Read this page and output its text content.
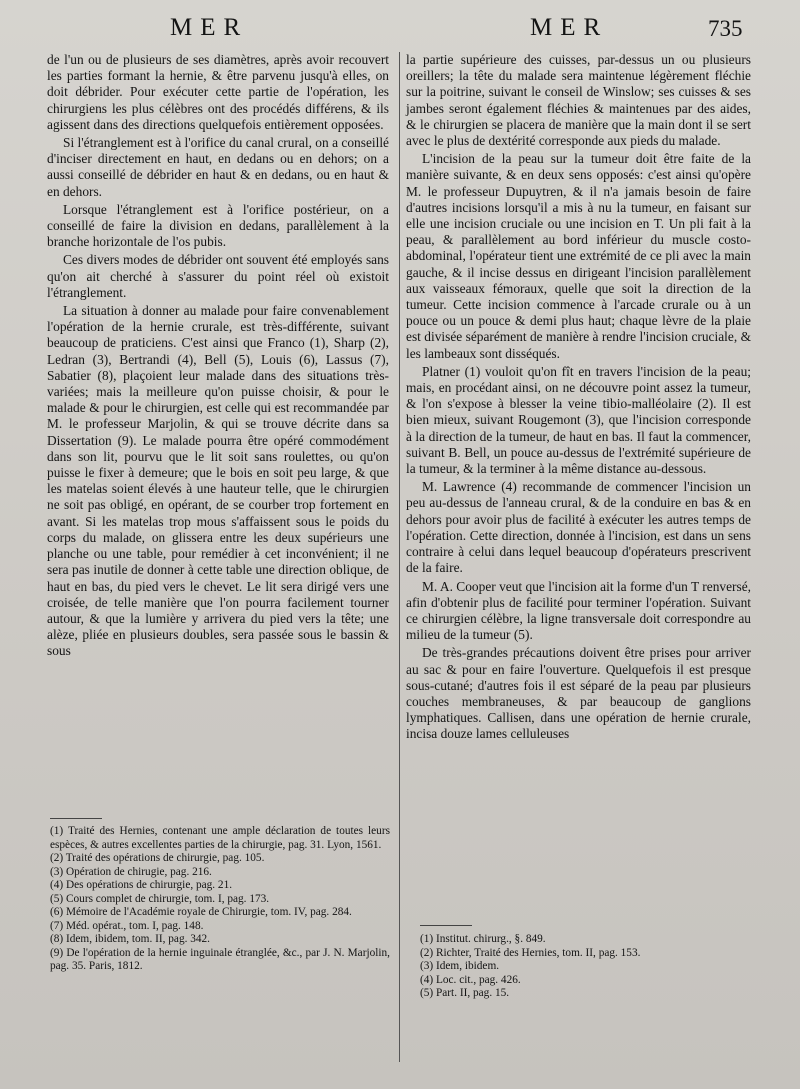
MER	MER	735

de l'un ou de plusieurs de ses diamètres, après avoir recouvert les parties formant la hernie, & être parvenu jusqu'à elles, on doit débrider. Pour exécuter cette partie de l'opération, les chirurgiens les plus célèbres ont des procédés différens, & ils agissent dans des directions quelquefois entièrement opposées.

Si l'étranglement est à l'orifice du canal crural, on a conseillé d'inciser directement en haut, en dedans ou en dehors; on a aussi conseillé de débrider en haut & en dedans, ou en haut & en dehors.

Lorsque l'étranglement est à l'orifice postérieur, on a conseillé de faire la division en dedans, parallèlement à la branche horizontale de l'os pubis.

Ces divers modes de débrider ont souvent été employés sans qu'on ait cherché à s'assurer du point réel où existoit l'étranglement.

La situation à donner au malade pour faire convenablement l'opération de la hernie crurale, est très-différente, suivant beaucoup de praticiens. C'est ainsi que Franco (1), Sharp (2), Ledran (3), Bertrandi (4), Bell (5), Louis (6), Lassus (7), Sabatier (8), plaçoient leur malade dans des situations très-variées; mais la meilleure qu'on puisse choisir, & pour le malade & pour le chirurgien, est celle qui est recommandée par M. le professeur Marjolin, & qui se trouve décrite dans sa Dissertation (9). Le malade pourra être opéré commodément dans son lit, pourvu que le lit soit sans roulettes, ou qu'on puisse le fixer à demeure; que le bois en soit peu large, & que les matelas soient élevés à une hauteur telle, que le chirurgien ne soit pas obligé, en opérant, de se courber trop fortement en avant. Si les matelas trop mous s'affaissent sous le poids du corps du malade, on glissera entre les deux supérieurs une planche ou une table, pour remédier à cet inconvénient; il ne sera pas inutile de donner à cette table une direction oblique, de haut en bas, du pied vers le chevet. Le lit sera dirigé vers une croisée, de telle manière que l'on pourra facilement tourner autour, & que la lumière y arrivera du pied vers la tête; une alèze, pliée en plusieurs doubles, sera passée sous le bassin & sous

la partie supérieure des cuisses, par-dessus un ou plusieurs oreillers; la tête du malade sera maintenue légèrement fléchie sur la poitrine, suivant le conseil de Winslow; ses cuisses & ses jambes seront également fléchies & maintenues par des aides, & le chirurgien se placera de manière que la main dont il se sert avec le plus de dextérité corresponde aux pieds du malade.

L'incision de la peau sur la tumeur doit être faite de la manière suivante, & en deux sens opposés: c'est ainsi qu'opère M. le professeur Dupuytren, & il n'a jamais besoin de faire d'autres incisions lorsqu'il a mis à nu la tumeur, en faisant sur elle une incision cruciale ou une incision en T. Un pli fait à la peau, & parallèlement au bord inférieur du muscle costo-abdominal, l'opérateur tient une extrémité de ce pli avec la main gauche, & il incise dessus en dirigeant l'incision parallèlement aux vaisseaux fémoraux, quelle que soit la direction de la tumeur. Cette incision commence à l'arcade crurale ou à un pouce ou un pouce & demi plus haut; chaque lèvre de la plaie est divisée séparément de manière à rendre l'incision cruciale, & les lambeaux sont disséqués.

Platner (1) vouloit qu'on fît en travers l'incision de la peau; mais, en procédant ainsi, on ne découvre point assez la tumeur, & l'on s'expose à blesser la veine tibio-malléolaire (2). Il est bien mieux, suivant Rougemont (3), que l'incision corresponde à la direction de la tumeur, de haut en bas. Il faut la commencer, suivant B. Bell, un pouce au-dessus de l'extrémité supérieure de la tumeur, & la terminer à la même distance au-dessous.

M. Lawrence (4) recommande de commencer l'incision un peu au-dessus de l'anneau crural, & de la conduire en bas & en dehors pour avoir plus de facilité à exécuter les autres temps de l'opération. Cette direction, donnée à l'incision, est dans un sens contraire à celui dans lequel beaucoup d'opérateurs prescrivent de la faire.

M. A. Cooper veut que l'incision ait la forme d'un T renversé, afin d'obtenir plus de facilité pour terminer l'opération. Suivant ce chirurgien célèbre, la ligne transversale doit correspondre au milieu de la tumeur (5).

De très-grandes précautions doivent être prises pour arriver au sac & pour en faire l'ouverture. Quelquefois il est presque sous-cutané; d'autres fois il est séparé de la peau par plusieurs couches membraneuses, & par beaucoup de ganglions lymphatiques. Callisen, dans une opération de hernie crurale, incisa douze lames celluleuses

(1) Traité des Hernies, contenant une ample déclaration de toutes leurs espèces, & autres excellentes parties de la chirurgie, pag. 31. Lyon, 1561.
(2) Traité des opérations de chirurgie, pag. 105.
(3) Opération de chirugie, pag. 216.
(4) Des opérations de chirurgie, pag. 21.
(5) Cours complet de chirurgie, tom. I, pag. 173.
(6) Mémoire de l'Académie royale de Chirurgie, tom. IV, pag. 284.
(7) Méd. opérat., tom. I, pag. 148.
(8) Idem, ibidem, tom. II, pag. 342.
(9) De l'opération de la hernie inguinale étranglée, &c., par J. N. Marjolin, pag. 35. Paris, 1812.
(1) Institut. chirurg., §. 849.
(2) Richter, Traité des Hernies, tom. II, pag. 153.
(3) Idem, ibidem.
(4) Loc. cit., pag. 426.
(5) Part. II, pag. 15.
